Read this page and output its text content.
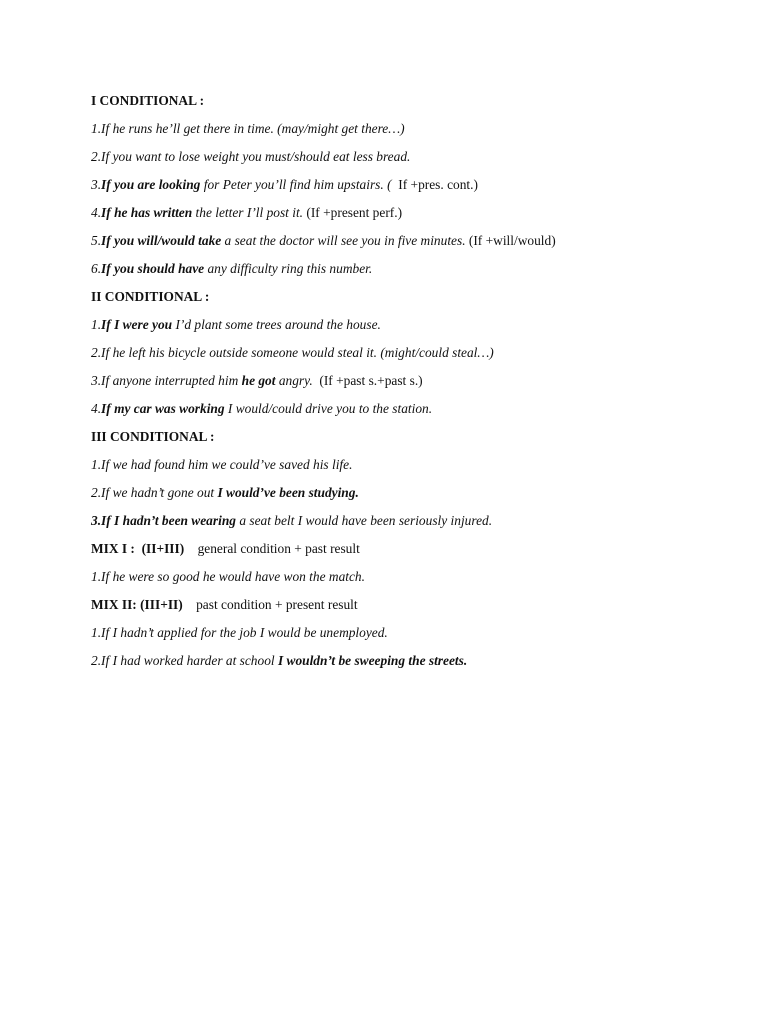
I CONDITIONAL :
1.If he runs he’ll get there in time. (may/might get there…)
2.If you want to lose weight you must/should eat less bread.
3.If you are looking for Peter you’ll find him upstairs. (  If +pres. cont.)
4.If he has written the letter I’ll post it. (If +present perf.)
5.If you will/would take a seat the doctor will see you in five minutes. (If +will/would)
6.If you should have any difficulty ring this number.
II CONDITIONAL :
1.If I were you I’d plant some trees around the house.
2.If he left his bicycle outside someone would steal it. (might/could steal…)
3.If anyone interrupted him he got angry.  (If +past s.+past s.)
4.If my car was working I would/could drive you to the station.
III CONDITIONAL :
1.If we had found him we could’ve saved his life.
2.If we hadn’t gone out I would’ve been studying.
3.If I hadn’t been wearing a seat belt I would have been seriously injured.
MIX I :  (II+III)    general condition + past result
1.If he were so good he would have won the match.
MIX II: (III+II)    past condition + present result
1.If I hadn’t applied for the job I would be unemployed.
2.If I had worked harder at school I wouldn’t be sweeping the streets.
